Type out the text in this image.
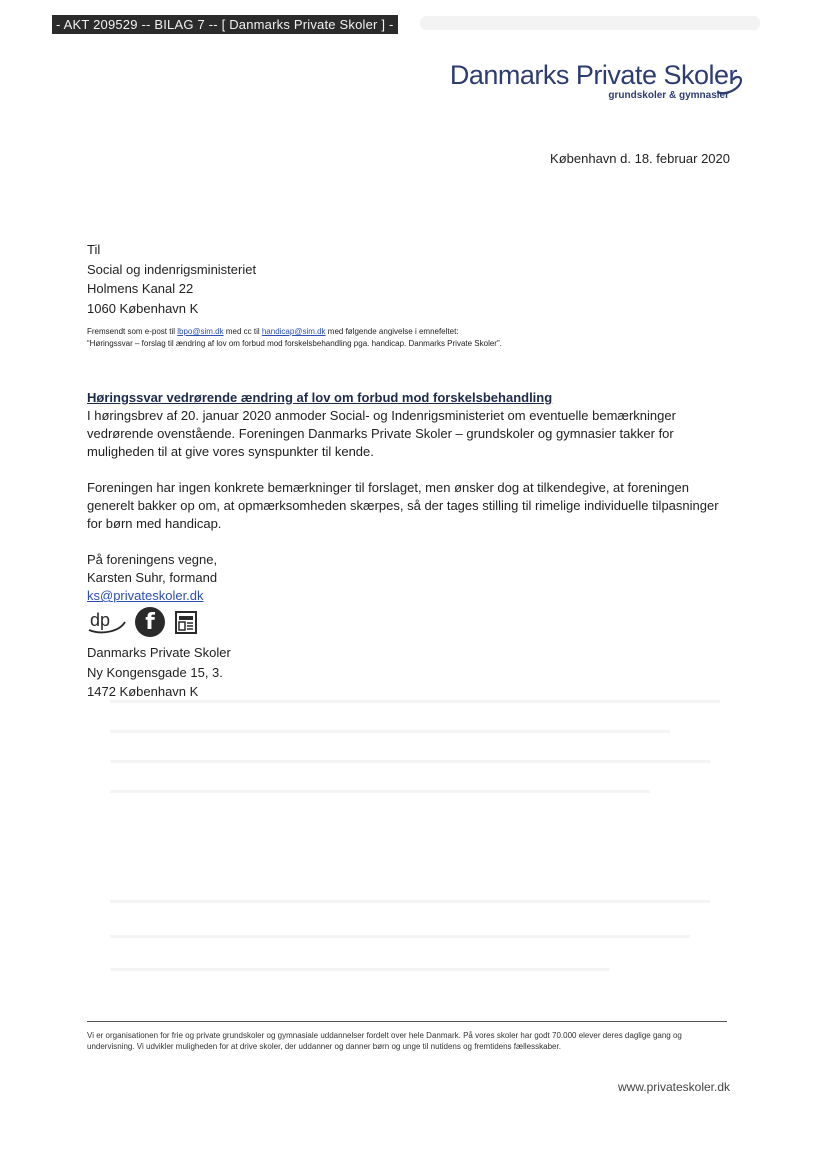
- AKT 209529 -- BILAG 7 -- [ Danmarks Private Skoler ] -
Danmarks Private Skoler
grundskoler & gymnasier
København d. 18. februar 2020
Til
Social og indenrigsministeriet
Holmens Kanal 22
1060 København K
Fremsendt som e-post til lbpo@sim.dk med cc til handicap@sim.dk med følgende angivelse i emnefeltet:
“Høringssvar – forslag til ændring af lov om forbud mod forskelsbehandling pga. handicap. Danmarks Private Skoler”.
Høringssvar vedrørende ændring af lov om forbud mod forskelsbehandling
I høringsbrev af 20. januar 2020 anmoder Social- og Indenrigsministeriet om eventuelle bemærkninger vedrørende ovenstående. Foreningen Danmarks Private Skoler – grundskoler og gymnasier takker for muligheden til at give vores synspunkter til kende.
Foreningen har ingen konkrete bemærkninger til forslaget, men ønsker dog at tilkendegive, at foreningen generelt bakker op om, at opmærksomheden skærpes, så der tages stilling til rimelige individuelle tilpasninger for børn med handicap.
På foreningens vegne,
Karsten Suhr, formand
ks@privateskoler.dk
dp	f
Danmarks Private Skoler
Ny Kongensgade 15, 3.
1472 København K
Vi er organisationen for frie og private grundskoler og gymnasiale uddannelser fordelt over hele Danmark. På vores skoler har godt 70.000 elever deres daglige gang og undervisning. Vi udvikler muligheden for at drive skoler, der uddanner og danner børn og unge til nutidens og fremtidens fællesskaber.
www.privateskoler.dk
